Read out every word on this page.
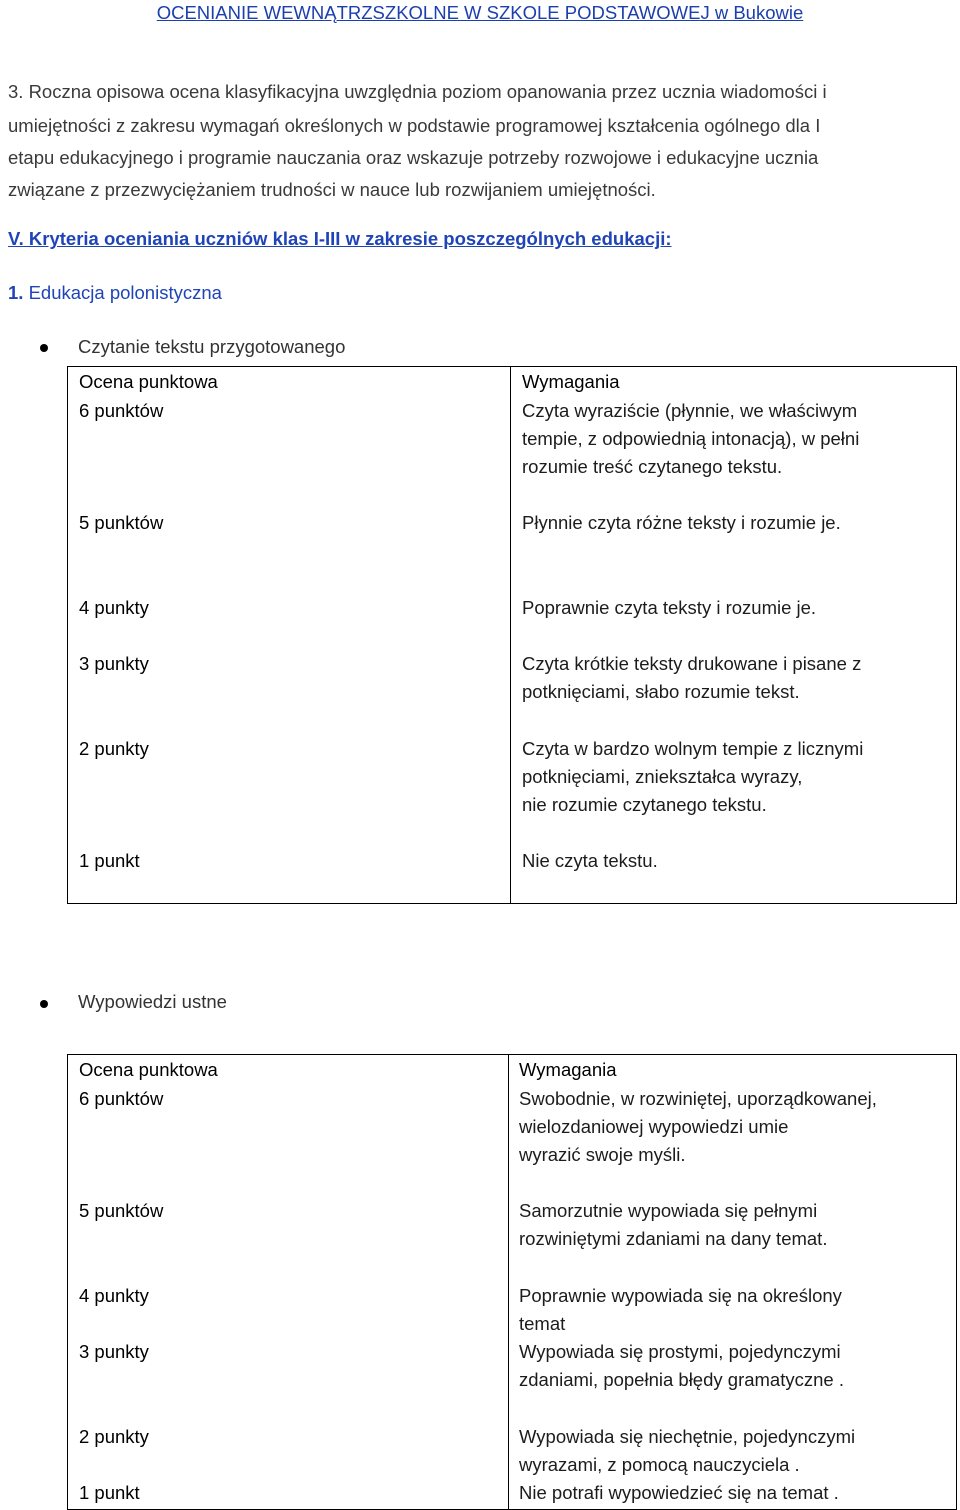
OCENIANIE WEWNĄTRZSZKOLNE W SZKOLE PODSTAWOWEJ w Bukowie
3. Roczna opisowa ocena klasyfikacyjna uwzględnia poziom opanowania przez ucznia wiadomości i
umiejętności z zakresu wymagań określonych w podstawie programowej kształcenia ogólnego dla I
etapu edukacyjnego i programie nauczania oraz wskazuje potrzeby rozwojowe i edukacyjne ucznia
związane z przezwyciężaniem trudności w nauce lub rozwijaniem umiejętności.
V. Kryteria oceniania uczniów klas I-III w zakresie poszczególnych edukacji:
1. Edukacja polonistyczna
Czytanie tekstu przygotowanego
Ocena punktowa	Wymagania
6 punktów	Czyta wyraziście (płynnie, we właściwym
tempie, z odpowiednią intonacją), w pełni
rozumie treść czytanego tekstu.
5 punktów	Płynnie czyta różne teksty i rozumie je.
4 punkty	Poprawnie czyta teksty i rozumie je.
3 punkty	Czyta krótkie teksty drukowane i pisane z
potknięciami, słabo rozumie tekst.
2 punkty	Czyta w bardzo wolnym tempie z licznymi
potknięciami, zniekształca wyrazy,
nie rozumie czytanego tekstu.
1 punkt	Nie czyta tekstu.
Wypowiedzi ustne
Ocena punktowa	Wymagania
6 punktów	Swobodnie, w rozwiniętej, uporządkowanej,
wielozdaniowej wypowiedzi umie
wyrazić swoje myśli.
5 punktów	Samorzutnie wypowiada się pełnymi
rozwiniętymi zdaniami na dany temat.
4 punkty	Poprawnie wypowiada się na określony
temat
3 punkty	Wypowiada się prostymi, pojedynczymi
zdaniami, popełnia błędy gramatyczne .
2 punkty	Wypowiada się niechętnie, pojedynczymi
wyrazami, z pomocą nauczyciela .
1 punkt	Nie potrafi wypowiedzieć się na temat .
